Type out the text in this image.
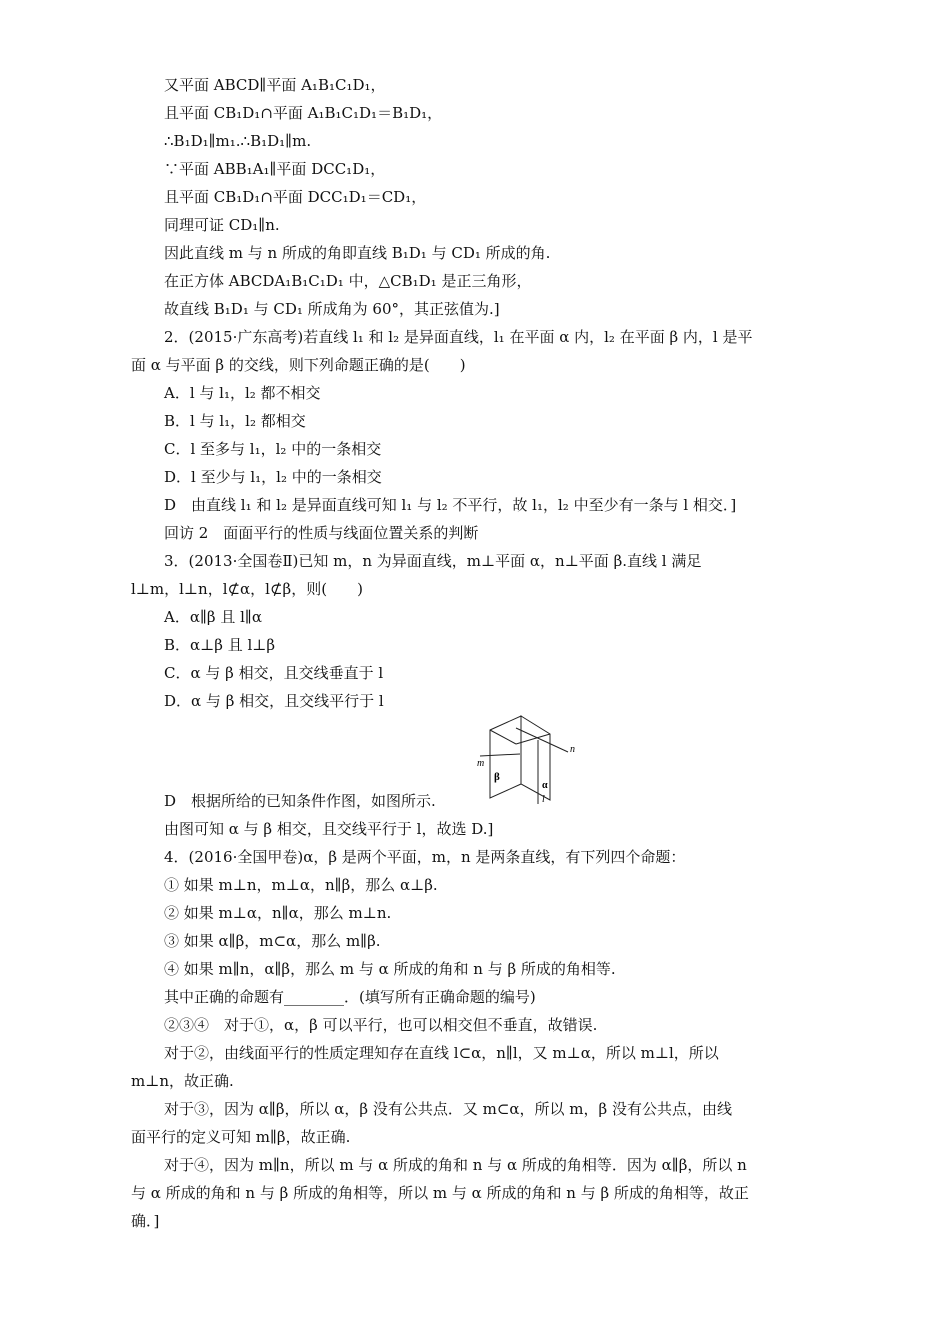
又平面 ABCD∥平面 A₁B₁C₁D₁，
且平面 CB₁D₁∩平面 A₁B₁C₁D₁＝B₁D₁，
∴B₁D₁∥m₁.∴B₁D₁∥m.
∵平面 ABB₁A₁∥平面 DCC₁D₁，
且平面 CB₁D₁∩平面 DCC₁D₁＝CD₁，
同理可证 CD₁∥n.
因此直线 m 与 n 所成的角即直线 B₁D₁ 与 CD₁ 所成的角.
在正方体 ABCDA₁B₁C₁D₁ 中，△CB₁D₁ 是正三角形，
故直线 B₁D₁ 与 CD₁ 所成角为 60°，其正弦值为.]
2．(2015·广东高考)若直线 l₁ 和 l₂ 是异面直线，l₁ 在平面 α 内，l₂ 在平面 β 内，l 是平
面 α 与平面 β 的交线，则下列命题正确的是(　　)
A．l 与 l₁，l₂ 都不相交
B．l 与 l₁，l₂ 都相交
C．l 至多与 l₁，l₂ 中的一条相交
D．l 至少与 l₁，l₂ 中的一条相交
D　由直线 l₁ 和 l₂ 是异面直线可知 l₁ 与 l₂ 不平行，故 l₁，l₂ 中至少有一条与 l 相交．]
回访 2　面面平行的性质与线面位置关系的判断
3．(2013·全国卷Ⅱ)已知 m，n 为异面直线，m⊥平面 α，n⊥平面 β.直线 l 满足
l⊥m，l⊥n，l⊄α，l⊄β，则(　　)
A．α∥β 且 l∥α
B．α⊥β 且 l⊥β
C．α 与 β 相交，且交线垂直于 l
D．α 与 β 相交，且交线平行于 l
D　根据所给的已知条件作图，如图所示.
由图可知 α 与 β 相交，且交线平行于 l，故选 D.]
4．(2016·全国甲卷)α，β 是两个平面，m，n 是两条直线，有下列四个命题：
① 如果 m⊥n，m⊥α，n∥β，那么 α⊥β.
② 如果 m⊥α，n∥α，那么 m⊥n.
③ 如果 α∥β，m⊂α，那么 m∥β.
④ 如果 m∥n，α∥β，那么 m 与 α 所成的角和 n 与 β 所成的角相等.
其中正确的命题有________．(填写所有正确命题的编号)
②③④　对于①，α，β 可以平行，也可以相交但不垂直，故错误.
对于②，由线面平行的性质定理知存在直线 l⊂α，n∥l，又 m⊥α，所以 m⊥l，所以
m⊥n，故正确.
对于③，因为 α∥β，所以 α，β 没有公共点．又 m⊂α，所以 m，β 没有公共点，由线
面平行的定义可知 m∥β，故正确.
对于④，因为 m∥n，所以 m 与 α 所成的角和 n 与 α 所成的角相等．因为 α∥β，所以 n
与 α 所成的角和 n 与 β 所成的角相等，所以 m 与 α 所成的角和 n 与 β 所成的角相等，故正
确．]
m
n
β
α
l
